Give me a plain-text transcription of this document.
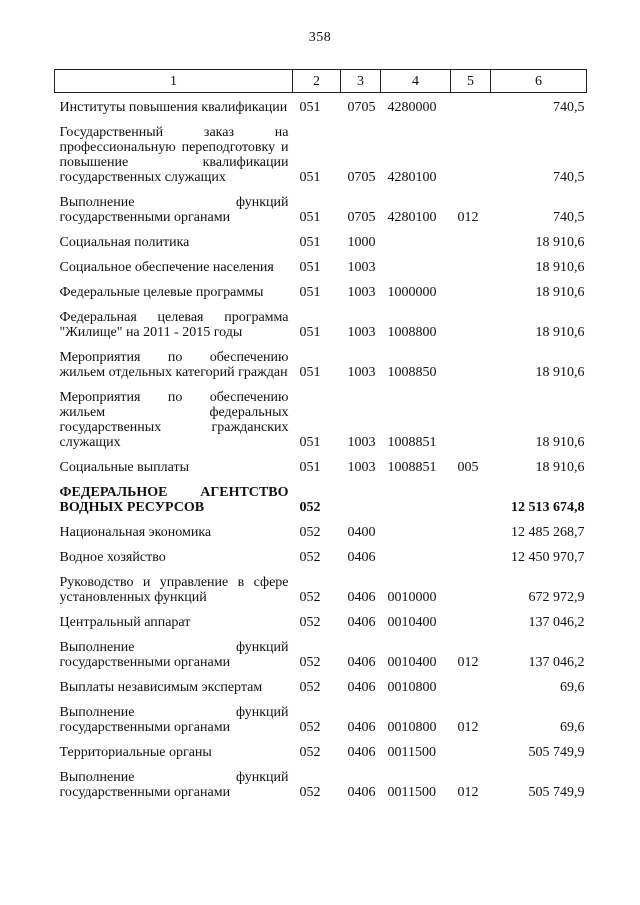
358
1	2	3	4	5	6
Институты повышения квалификации	051	0705	4280000		740,5
Государственный заказ на профессиональную переподготовку и повышение квалификации государственных служащих	051	0705	4280100		740,5
Выполнение функций государственными органами	051	0705	4280100	012	740,5
Социальная политика	051	1000			18 910,6
Социальное обеспечение населения	051	1003			18 910,6
Федеральные целевые программы	051	1003	1000000		18 910,6
Федеральная целевая программа "Жилище" на 2011 - 2015 годы	051	1003	1008800		18 910,6
Мероприятия по обеспечению жильем отдельных категорий граждан	051	1003	1008850		18 910,6
Мероприятия по обеспечению жильем федеральных государственных гражданских служащих	051	1003	1008851		18 910,6
Социальные выплаты	051	1003	1008851	005	18 910,6
ФЕДЕРАЛЬНОЕ АГЕНТСТВО ВОДНЫХ РЕСУРСОВ	052				12 513 674,8
Национальная экономика	052	0400			12 485 268,7
Водное хозяйство	052	0406			12 450 970,7
Руководство и управление в сфере установленных функций	052	0406	0010000		672 972,9
Центральный аппарат	052	0406	0010400		137 046,2
Выполнение функций государственными органами	052	0406	0010400	012	137 046,2
Выплаты независимым экспертам	052	0406	0010800		69,6
Выполнение функций государственными органами	052	0406	0010800	012	69,6
Территориальные органы	052	0406	0011500		505 749,9
Выполнение функций государственными органами	052	0406	0011500	012	505 749,9
